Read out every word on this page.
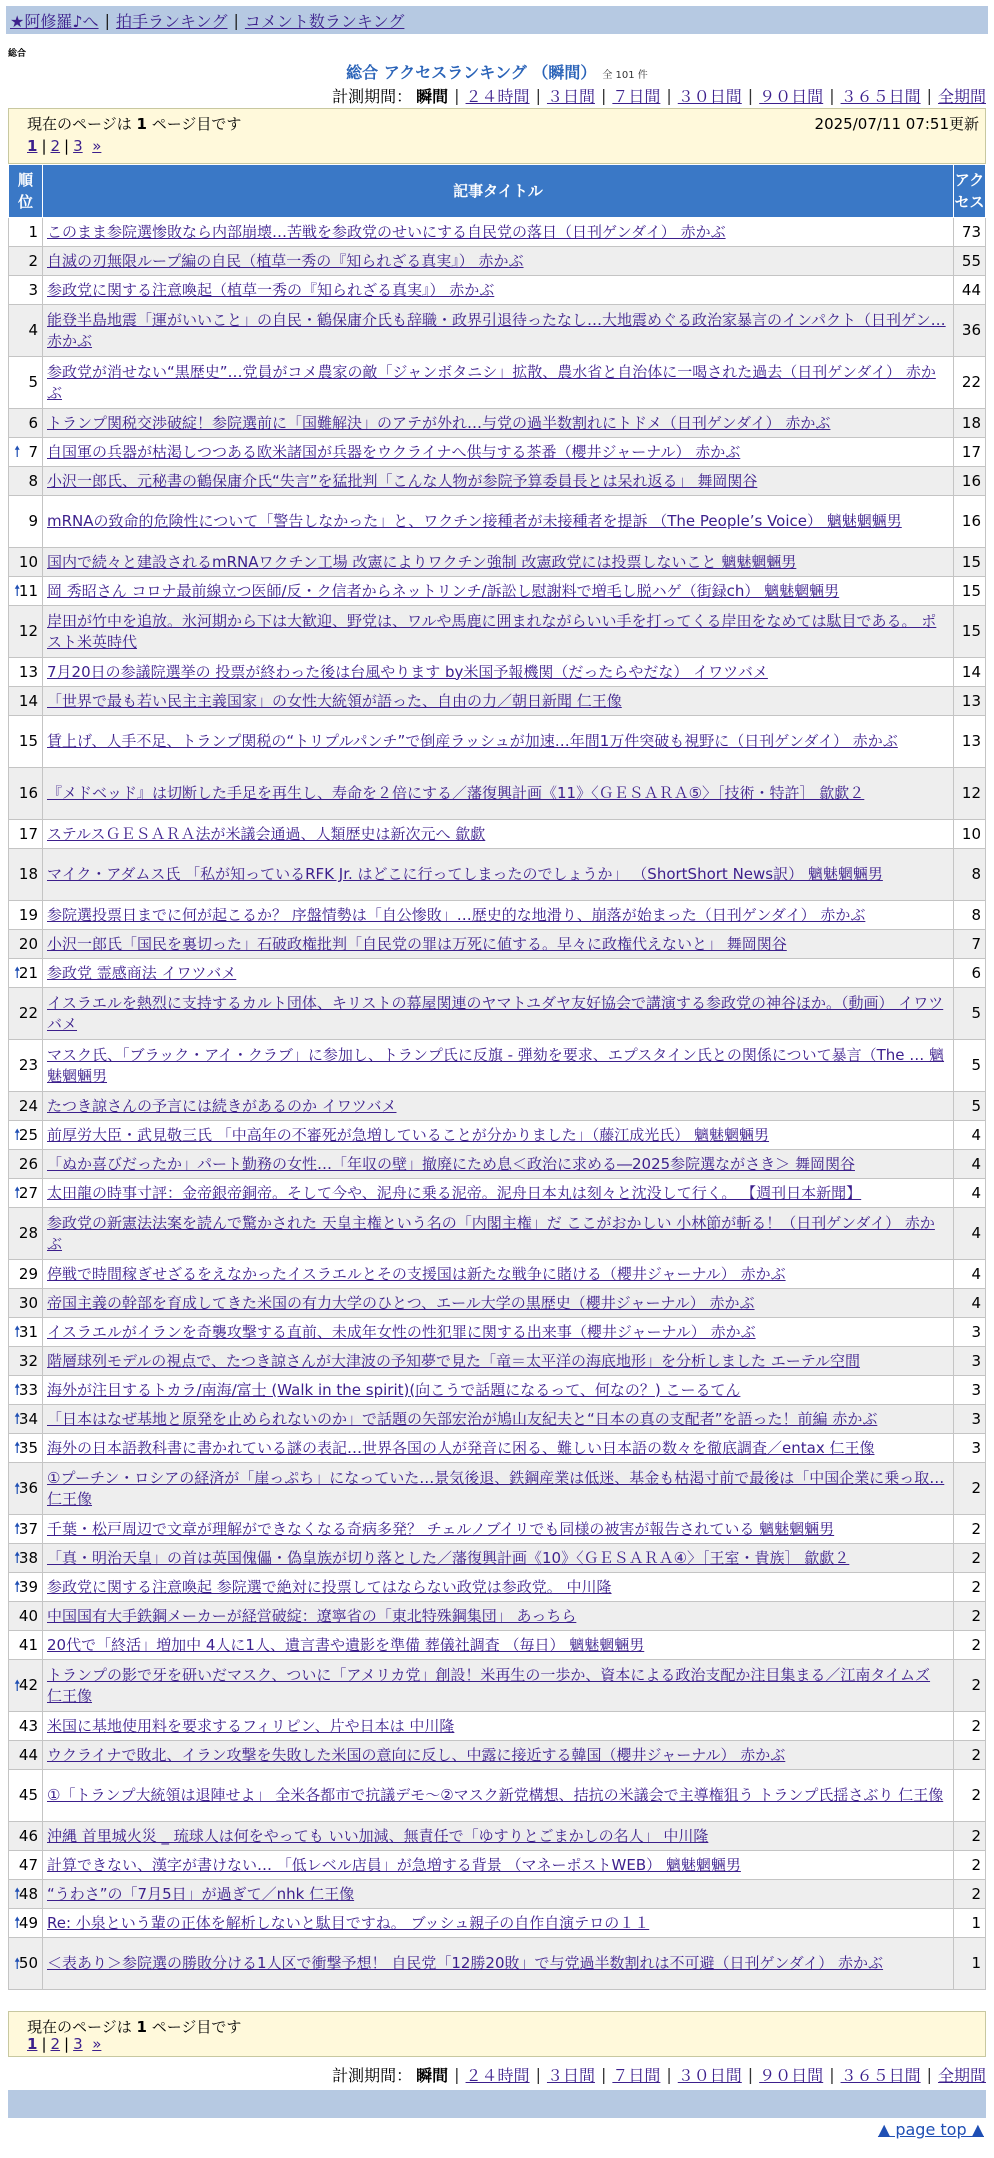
★阿修羅♪へ | 拍手ランキング | コメント数ランキング
総合
総合 アクセスランキング （瞬間） 全 101 件
計測期間： 瞬間 | ２４時間 | ３日間 | ７日間 | ３０日間 | ９０日間 | ３６５日間 | 全期間
現在のページは 1 ページ目です	2025/07/11 07:51更新
1 | 2 | 3 »
順
位	記事タイトル	アク
セス
1	このまま参院選惨敗なら内部崩壊…苦戦を参政党のせいにする自民党の落日（日刊ゲンダイ） 赤かぶ	73
2	自滅の刃無限ループ編の自民（植草一秀の『知られざる真実』） 赤かぶ	55
3	参政党に関する注意喚起（植草一秀の『知られざる真実』） 赤かぶ	44
4	能登半島地震「運がいいこと」の自民・鶴保庸介氏も辞職・政界引退待ったなし…大地震めぐる政治家暴言のインパクト（日刊ゲン… 赤かぶ	36
5	参政党が消せない“黒歴史”…党員がコメ農家の敵「ジャンボタニシ」拡散、農水省と自治体に一喝された過去（日刊ゲンダイ） 赤かぶ	22
6	トランプ関税交渉破綻！参院選前に「国難解決」のアテが外れ…与党の過半数割れにトドメ（日刊ゲンダイ） 赤かぶ	18

🠕 7	自国軍の兵器が枯渇しつつある欧米諸国が兵器をウクライナへ供与する茶番（櫻井ジャーナル） 赤かぶ	17
8	小沢一郎氏、元秘書の鶴保庸介氏“失言”を猛批判「こんな人物が参院予算委員長とは呆れ返る」 舞岡関谷	16
9	mRNAの致命的危険性について「警告しなかった」と、ワクチン接種者が未接種者を提訴 （The People’s Voice） 魑魅魍魎男	16
10	国内で続々と建設されるmRNAワクチン工場 改憲によりワクチン強制 改憲政党には投票しないこと 魑魅魍魎男	15

🠕
11	岡 秀昭さん コロナ最前線立つ医師/反・ク信者からネットリンチ/訴訟し慰謝料で増毛し脱ハゲ（街録ch） 魑魅魍魎男	15
12	岸田が竹中を追放。氷河期から下は大歓迎、野党は、ワルや馬鹿に囲まれながらいい手を打ってくる岸田をなめては駄目である。 ポスト米英時代	15
13	7月20日の参議院選挙の 投票が終わった後は台風やります by米国予報機関（だったらやだな） イワツバメ	14
14	「世界で最も若い民主主義国家」の女性大統領が語った、自由の力／朝日新聞 仁王像	13
15	賃上げ、人手不足、トランプ関税の“トリプルパンチ”で倒産ラッシュが加速…年間1万件突破も視野に（日刊ゲンダイ） 赤かぶ	13
16	『メドベッド』は切断した手足を再生し、寿命を２倍にする／藩復興計画《11》〈ＧＥＳＡＲＡ⑤〉［技術・特許］ 歙歔２	12
17	ステルスＧＥＳＡＲＡ法が米議会通過、人類歴史は新次元へ 歙歔	10
18	マイク・アダムス氏 「私が知っているRFK Jr. はどこに行ってしまったのでしょうか」 （ShortShort News訳） 魑魅魍魎男	8
19	参院選投票日までに何が起こるか？ 序盤情勢は「自公惨敗」…歴史的な地滑り、崩落が始まった（日刊ゲンダイ） 赤かぶ	8
20	小沢一郎氏「国民を裏切った」石破政権批判「自民党の罪は万死に値する。早々に政権代えないと」 舞岡関谷	7

🠕
21	参政党 霊感商法 イワツバメ	6
22	イスラエルを熱烈に支持するカルト団体、キリストの幕屋関連のヤマトユダヤ友好協会で講演する参政党の神谷ほか。（動画） イワツバメ	5
23	マスク氏、「ブラック・アイ・クラブ」に参加し、トランプ氏に反旗 - 弾劾を要求、エプスタイン氏との関係について暴言（The … 魑魅魍魎男	5
24	たつき諒さんの予言には続きがあるのか イワツバメ	5

🠕
25	前厚労大臣・武見敬三氏 「中高年の不審死が急増していることが分かりました」（藤江成光氏） 魑魅魍魎男	4
26	「ぬか喜びだったか」パート勤務の女性…「年収の壁」撤廃にため息＜政治に求める―2025参院選ながさき＞ 舞岡関谷	4

🠕
27	太田龍の時事寸評：金帝銀帝銅帝。そして今や、泥舟に乗る泥帝。泥舟日本丸は刻々と沈没して行く。 【週刊日本新聞】	4
28	参政党の新憲法法案を読んで驚かされた 天皇主権という名の「内閣主権」だ ここがおかしい 小林節が斬る！（日刊ゲンダイ） 赤かぶ	4
29	停戦で時間稼ぎせざるをえなかったイスラエルとその支援国は新たな戦争に賭ける（櫻井ジャーナル） 赤かぶ	4
30	帝国主義の幹部を育成してきた米国の有力大学のひとつ、エール大学の黒歴史（櫻井ジャーナル） 赤かぶ	4

🠕
31	イスラエルがイランを奇襲攻撃する直前、未成年女性の性犯罪に関する出来事（櫻井ジャーナル） 赤かぶ	3
32	階層球列モデルの視点で、たつき諒さんが大津波の予知夢で見た「竜＝太平洋の海底地形」を分析しました エーテル空間	3

🠕
33	海外が注目するトカラ/南海/富士 (Walk in the spirit)(向こうで話題になるって、何なの？) こーるてん	3

🠕
34	「日本はなぜ基地と原発を止められないのか」で話題の矢部宏治が鳩山友紀夫と“日本の真の支配者”を語った！前編 赤かぶ	3

🠕
35	海外の日本語教科書に書かれている謎の表記…世界各国の人が発音に困る、難しい日本語の数々を徹底調査／entax 仁王像	3

🠕
36	①プーチン・ロシアの経済が「崖っぷち」になっていた…景気後退、鉄鋼産業は低迷、基金も枯渇寸前で最後は「中国企業に乗っ取… 仁王像	2

🠕
37	千葉・松戸周辺で文章が理解ができなくなる奇病多発？ チェルノブイリでも同様の被害が報告されている 魑魅魍魎男	2

🠕
38	「真・明治天皇」の首は英国傀儡・偽皇族が切り落とした／藩復興計画《10》〈ＧＥＳＡＲＡ④〉［王室・貴族］ 歙歔２	2

🠕
39	参政党に関する注意喚起 参院選で絶対に投票してはならない政党は参政党。 中川隆	2
40	中国国有大手鉄鋼メーカーが経営破綻：遼寧省の「東北特殊鋼集団」 あっちら	2
41	20代で「終活」増加中 4人に1人、遺言書や遺影を準備 葬儀社調査 （毎日） 魑魅魍魎男	2

🠕
42	トランプの影で牙を研いだマスク、ついに「アメリカ党」創設！米再生の一歩か、資本による政治支配か注目集まる／江南タイムズ 仁王像	2
43	米国に基地使用料を要求するフィリピン、片や日本は 中川隆	2
44	ウクライナで敗北、イラン攻撃を失敗した米国の意向に反し、中露に接近する韓国（櫻井ジャーナル） 赤かぶ	2
45	①「トランプ大統領は退陣せよ」 全米各都市で抗議デモ～②マスク新党構想、拮抗の米議会で主導権狙う トランプ氏揺さぶり 仁王像	2
46	沖縄 首里城火災 _ 琉球人は何をやっても いい加減、無責任で「ゆすりとごまかしの名人」 中川隆	2
47	計算できない、漢字が書けない… 「低レベル店員」が急増する背景 （マネーポストWEB） 魑魅魍魎男	2

🠕
48	“うわさ”の「7月5日」が過ぎて／nhk 仁王像	2

🠕
49	Re: 小泉という輩の正体を解析しないと駄目ですね。 ブッシュ親子の自作自演テロの１１	1

🠕
50	＜表あり＞参院選の勝敗分ける1人区で衝撃予想！ 自民党「12勝20敗」で与党過半数割れは不可避（日刊ゲンダイ） 赤かぶ	1
現在のページは 1 ページ目です
1 | 2 | 3 »
計測期間： 瞬間 | ２４時間 | ３日間 | ７日間 | ３０日間 | ９０日間 | ３６５日間 | 全期間
▲ page top ▲
